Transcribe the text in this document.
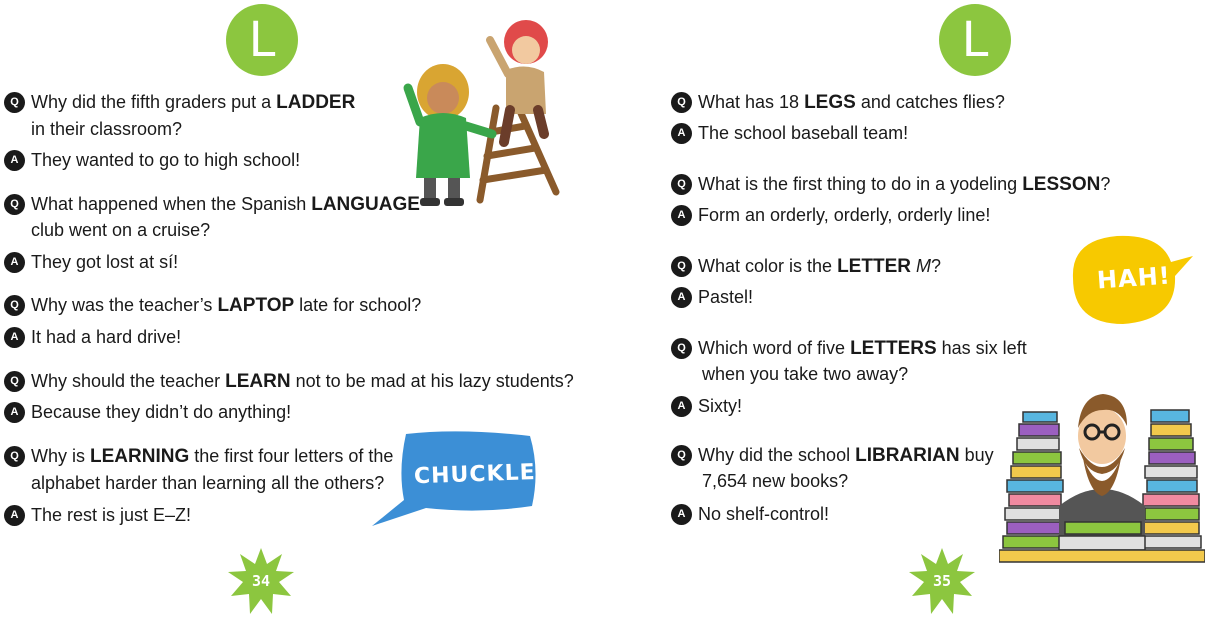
L
Q Why did the fifth graders put a LADDER
in their classroom?
A They wanted to go to high school!
Q What happened when the Spanish LANGUAGE
club went on a cruise?
A They got lost at sí!
Q Why was the teacher’s LAPTOP late for school?
A It had a hard drive!
Q Why should the teacher LEARN not to be mad at his lazy students?
A Because they didn’t do anything!
Q Why is LEARNING the first four letters of the
alphabet harder than learning all the others?
A The rest is just E–Z!
CHUCKLE!
34
L
Q What has 18 LEGS and catches flies?
A The school baseball team!
Q What is the first thing to do in a yodeling LESSON?
A Form an orderly, orderly, orderly line!
Q What color is the LETTER M?
A Pastel!
Q Which word of five LETTERS has six left
when you take two away?
A Sixty!
Q Why did the school LIBRARIAN buy
7,654 new books?
A No shelf-control!
HAH!
35
